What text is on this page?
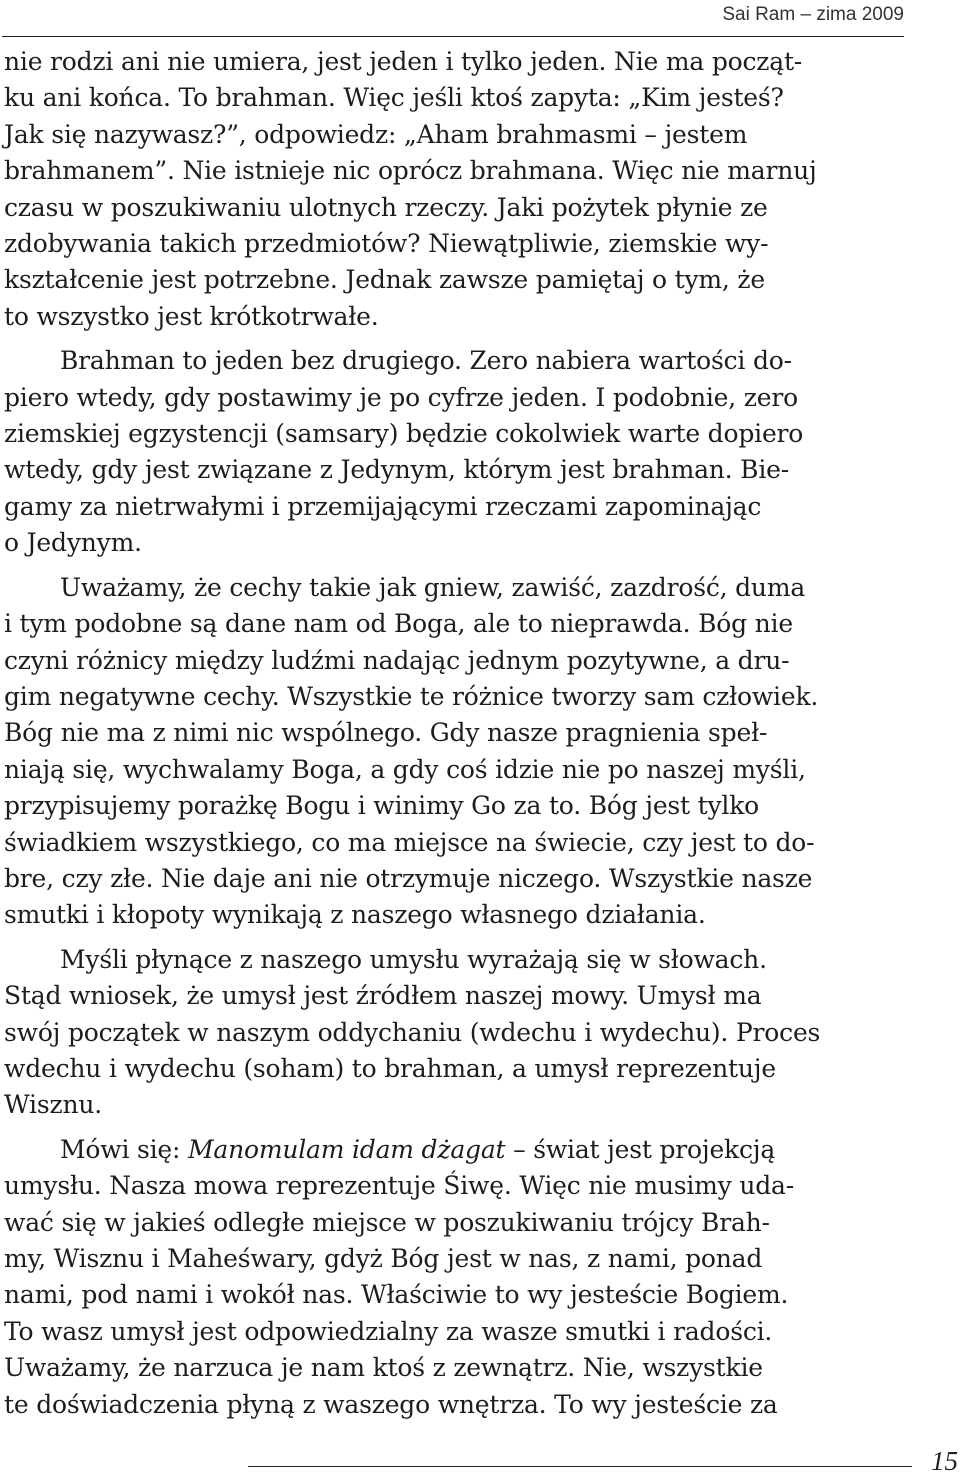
Sai Ram – zima 2009

nie rodzi ani nie umiera, jest jeden i tylko jeden. Nie ma począt-
ku ani końca. To brahman. Więc jeśli ktoś zapyta: „Kim jesteś?
Jak się nazywasz?”, odpowiedz: „Aham brahmasmi – jestem
brahmanem”. Nie istnieje nic oprócz brahmana. Więc nie marnuj
czasu w poszukiwaniu ulotnych rzeczy. Jaki pożytek płynie ze
zdobywania takich przedmiotów? Niewątpliwie, ziemskie wy-
kształcenie jest potrzebne. Jednak zawsze pamiętaj o tym, że
to wszystko jest krótkotrwałe.

Brahman to jeden bez drugiego. Zero nabiera wartości do-
piero wtedy, gdy postawimy je po cyfrze jeden. I podobnie, zero
ziemskiej egzystencji (samsary) będzie cokolwiek warte dopiero
wtedy, gdy jest związane z Jedynym, którym jest brahman. Bie-
gamy za nietrwałymi i przemijającymi rzeczami zapominając
o Jedynym.

Uważamy, że cechy takie jak gniew, zawiść, zazdrość, duma
i tym podobne są dane nam od Boga, ale to nieprawda. Bóg nie
czyni różnicy między ludźmi nadając jednym pozytywne, a dru-
gim negatywne cechy. Wszystkie te różnice tworzy sam człowiek.
Bóg nie ma z nimi nic wspólnego. Gdy nasze pragnienia speł-
niają się, wychwalamy Boga, a gdy coś idzie nie po naszej myśli,
przypisujemy porażkę Bogu i winimy Go za to. Bóg jest tylko
świadkiem wszystkiego, co ma miejsce na świecie, czy jest to do-
bre, czy złe. Nie daje ani nie otrzymuje niczego. Wszystkie nasze
smutki i kłopoty wynikają z naszego własnego działania.

Myśli płynące z naszego umysłu wyrażają się w słowach.
Stąd wniosek, że umysł jest źródłem naszej mowy. Umysł ma
swój początek w naszym oddychaniu (wdechu i wydechu). Proces
wdechu i wydechu (soham) to brahman, a umysł reprezentuje
Wisznu.

Mówi się: Manomulam idam dżagat – świat jest projekcją
umysłu. Nasza mowa reprezentuje Śiwę. Więc nie musimy uda-
wać się w jakieś odległe miejsce w poszukiwaniu trójcy Brah-
my, Wisznu i Maheśwary, gdyż Bóg jest w nas, z nami, ponad
nami, pod nami i wokół nas. Właściwie to wy jesteście Bogiem.
To wasz umysł jest odpowiedzialny za wasze smutki i radości.
Uważamy, że narzuca je nam ktoś z zewnątrz. Nie, wszystkie
te doświadczenia płyną z waszego wnętrza. To wy jesteście za

15
